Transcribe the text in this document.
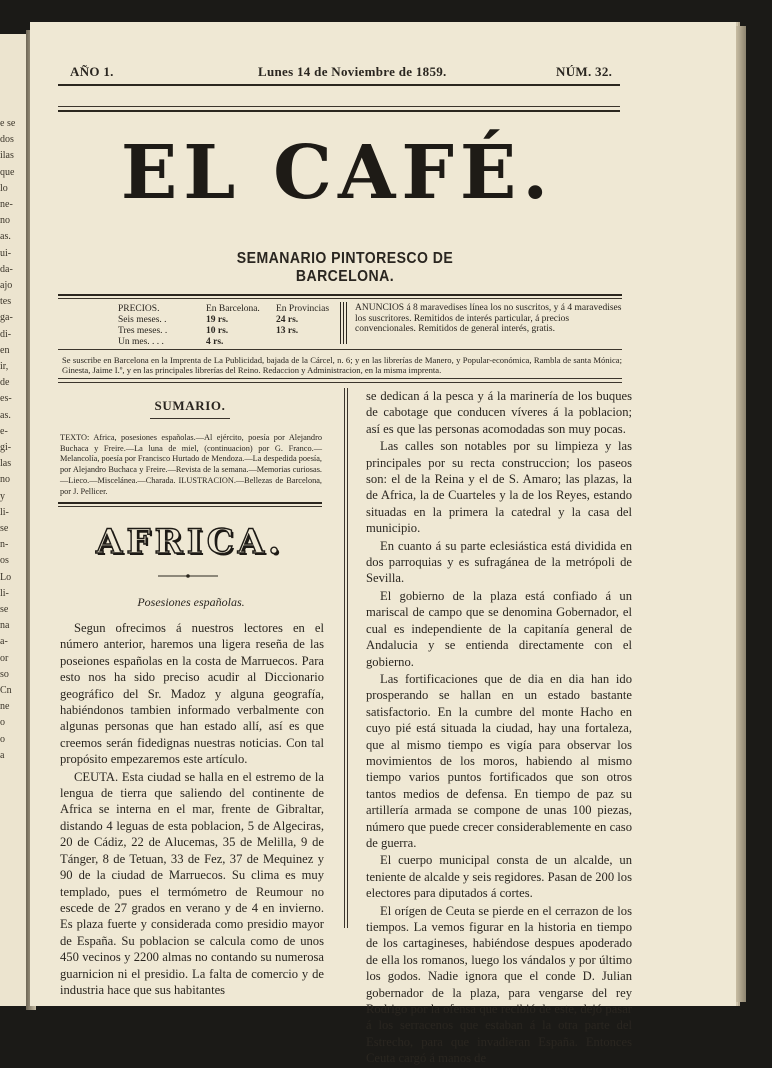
e se
dos
ilas
que
lo
ne-
no
as.
ui-
da-
ajo
tes
ga-
di-
en
ir,
de
es-
as.
e-
gi-
las
no
y
li-
se
n-
os
Lo
li-
se
na
a-
or
so
Cn
ne
o
o
a
AÑO 1.	Lunes 14 de Noviembre de 1859.	NÚM. 32.
EL CAFÉ.
SEMANARIO PINTORESCO DE BARCELONA.
PRECIOS.	En Barcelona.	En Provincias
Seis meses. .	19 rs.	24 rs.
Tres meses. .	10 rs.	13 rs.
Un mes. . . .	4 rs.
ANUNCIOS á 8 maravedises línea los no suscritos, y á 4 maravedises los suscritores. Remitidos de interés particular, á precios convencionales. Remitidos de general interés, gratis.
Se suscribe en Barcelona en la Imprenta de La Publicidad, bajada de la Cárcel, n. 6; y en las librerías de Manero, y Popular-económica, Rambla de santa Mónica; Ginesta, Jaime I.º, y en las principales librerías del Reino. Redaccion y Administracion, en la misma imprenta.
SUMARIO.
TEXTO: Africa, posesiones españolas.—Al ejército, poesía por Alejandro Buchaca y Freire.—La luna de miel, (continuacion) por G. Franco.—Melancolía, poesía por Francisco Hurtado de Mendoza.—La despedida poesía, por Alejandro Buchaca y Freire.—Revista de la semana.—Memorias curiosas.—Lieco.—Miscelánea.—Charada. ILUSTRACION.—Bellezas de Barcelona, por J. Pellicer.
AFRICA.
Posesiones españolas.

Segun ofrecimos á nuestros lectores en el número anterior, haremos una ligera reseña de las poseiones españolas en la costa de Marruecos. Para esto nos ha sido preciso acudir al Diccionario geográfico del Sr. Madoz y alguna geografía, habiéndonos tambien informado verbalmente con algunas personas que han estado allí, así es que creemos serán fidedignas nuestras noticias. Con tal propósito empezaremos este artículo.

CEUTA. Esta ciudad se halla en el estremo de la lengua de tierra que saliendo del continente de Africa se interna en el mar, frente de Gibraltar, distando 4 leguas de esta poblacion, 5 de Algeciras, 20 de Cádiz, 22 de Alucemas, 35 de Melilla, 9 de Tánger, 8 de Tetuan, 33 de Fez, 37 de Mequinez y 90 de la ciudad de Marruecos. Su clima es muy templado, pues el termómetro de Reumour no escede de 27 grados en verano y de 4 en invierno. Es plaza fuerte y considerada como presidio mayor de España. Su poblacion se calcula como de unos 450 vecinos y 2200 almas no contando su numerosa guarnicion ni el presidio. La falta de comercio y de industria hace que sus habitantes

se dedican á la pesca y á la marinería de los buques de cabotage que conducen víveres á la poblacion; así es que las personas acomodadas son muy pocas.

Las calles son notables por su limpieza y las principales por su recta construccion; los paseos son: el de la Reina y el de S. Amaro; las plazas, la de Africa, la de Cuarteles y la de los Reyes, estando situadas en la primera la catedral y la casa del municipio.

En cuanto á su parte eclesiástica está dividida en dos parroquias y es sufragánea de la metrópoli de Sevilla.

El gobierno de la plaza está confiado á un mariscal de campo que se denomina Gobernador, el cual es independiente de la capitanía general de Andalucia y se entienda directamente con el gobierno.

Las fortificaciones que de dia en dia han ido prosperando se hallan en un estado bastante satisfactorio. En la cumbre del monte Hacho en cuyo pié está situada la ciudad, hay una fortaleza, que al mismo tiempo es vigía para observar los movimientos de los moros, habiendo al mismo tiempo varios puntos fortificados que son otros tantos medios de defensa. En tiempo de paz su artillería armada se compone de unas 100 piezas, número que puede crecer considerablemente en caso de guerra.

El cuerpo municipal consta de un alcalde, un teniente de alcalde y seis regidores. Pasan de 200 los electores para diputados á cortes.

El orígen de Ceuta se pierde en el cerrazon de los tiempos. La vemos figurar en la historia en tiempo de los cartagineses, habiéndose despues apoderado de ella los romanos, luego los vándalos y por último los godos. Nadie ignora que el conde D. Julian gobernador de la plaza, para vengarse del rey Rodrigo por la ofensa que recibió de este, dejó pasar á los serracenos que estaban á la otra parte del Estrecho, para que invadieran España. Entonces Ceuta cargó á manos de
